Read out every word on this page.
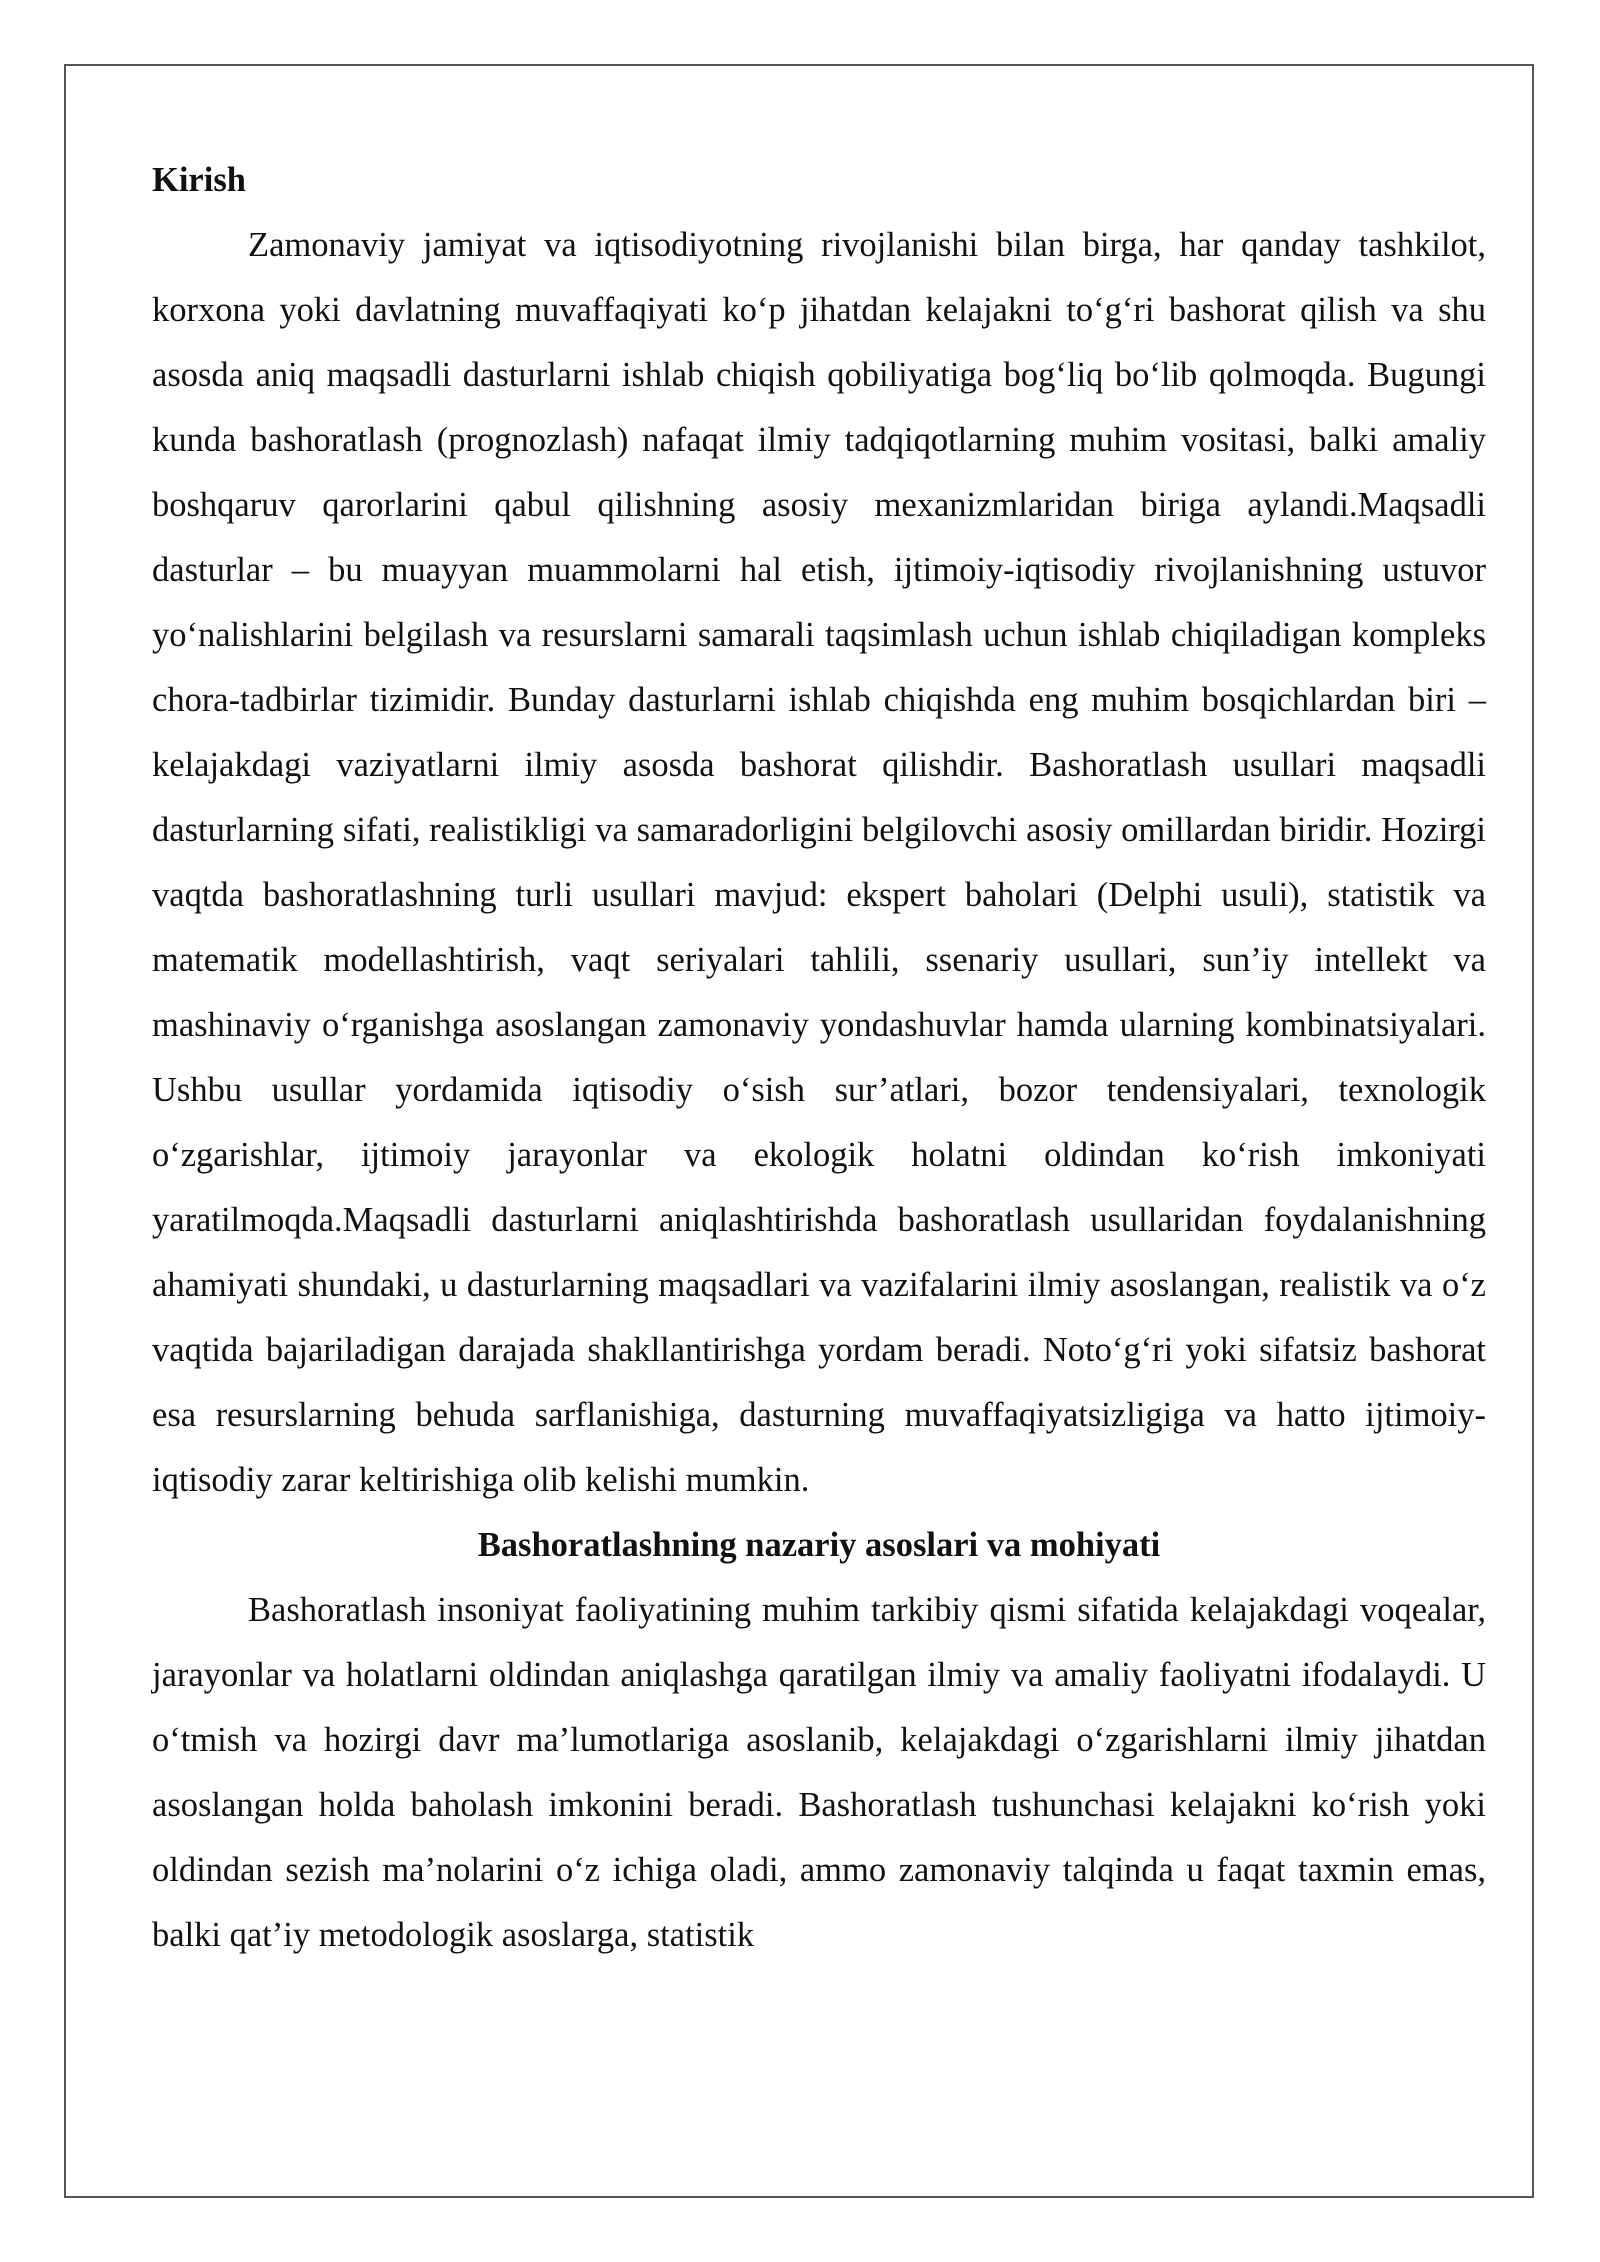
Kirish

Zamonaviy jamiyat va iqtisodiyotning rivojlanishi bilan birga, har qanday tashkilot, korxona yoki davlatning muvaffaqiyati ko‘p jihatdan kelajakni to‘g‘ri bashorat qilish va shu asosda aniq maqsadli dasturlarni ishlab chiqish qobiliyatiga bog‘liq bo‘lib qolmoqda. Bugungi kunda bashoratlash (prognozlash) nafaqat ilmiy tadqiqotlarning muhim vositasi, balki amaliy boshqaruv qarorlarini qabul qilishning asosiy mexanizmlaridan biriga aylandi.Maqsadli dasturlar – bu muayyan muammolarni hal etish, ijtimoiy-iqtisodiy rivojlanishning ustuvor yo‘nalishlarini belgilash va resurslarni samarali taqsimlash uchun ishlab chiqiladigan kompleks chora-tadbirlar tizimidir. Bunday dasturlarni ishlab chiqishda eng muhim bosqichlardan biri – kelajakdagi vaziyatlarni ilmiy asosda bashorat qilishdir. Bashoratlash usullari maqsadli dasturlarning sifati, realistikligi va samaradorligini belgilovchi asosiy omillardan biridir. Hozirgi vaqtda bashoratlashning turli usullari mavjud: ekspert baholari (Delphi usuli), statistik va matematik modellashtirish, vaqt seriyalari tahlili, ssenariy usullari, sun’iy intellekt va mashinaviy o‘rganishga asoslangan zamonaviy yondashuvlar hamda ularning kombinatsiyalari. Ushbu usullar yordamida iqtisodiy o‘sish sur’atlari, bozor tendensiyalari, texnologik o‘zgarishlar, ijtimoiy jarayonlar va ekologik holatni oldindan ko‘rish imkoniyati yaratilmoqda.Maqsadli dasturlarni aniqlashtirishda bashoratlash usullaridan foydalanishning ahamiyati shundaki, u dasturlarning maqsadlari va vazifalarini ilmiy asoslangan, realistik va o‘z vaqtida bajariladigan darajada shakllantirishga yordam beradi. Noto‘g‘ri yoki sifatsiz bashorat esa resurslarning behuda sarflanishiga, dasturning muvaffaqiyatsizligiga va hatto ijtimoiy-iqtisodiy zarar keltirishiga olib kelishi mumkin.

Bashoratlashning nazariy asoslari va mohiyati

Bashoratlash insoniyat faoliyatining muhim tarkibiy qismi sifatida kelajakdagi voqealar, jarayonlar va holatlarni oldindan aniqlashga qaratilgan ilmiy va amaliy faoliyatni ifodalaydi. U o‘tmish va hozirgi davr ma’lumotlariga asoslanib, kelajakdagi o‘zgarishlarni ilmiy jihatdan asoslangan holda baholash imkonini beradi. Bashoratlash tushunchasi kelajakni ko‘rish yoki oldindan sezish ma’nolarini o‘z ichiga oladi, ammo zamonaviy talqinda u faqat taxmin emas, balki qat’iy metodologik asoslarga, statistik
